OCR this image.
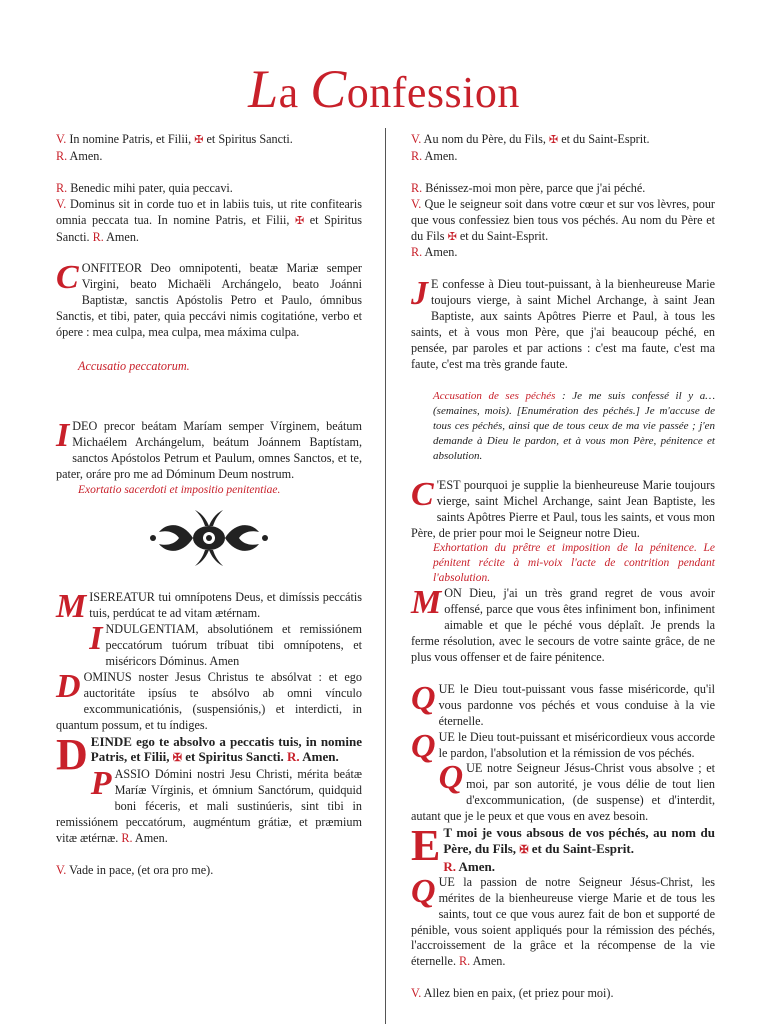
La Confession

V. In nomine Patris, et Filii, ✠ et Spiritus Sancti.

R. Amen.

R. Benedic mihi pater, quia peccavi.

V. Dominus sit in corde tuo et in labiis tuis, ut rite confitearis omnia peccata tua. In nomine Patris, et Filii, ✠ et Spiritus Sancti. R. Amen.

CONFITEOR Deo omnipotenti, beatæ Mariæ semper Virgini, beato Michaëli Archángelo, beato Joánni Baptistæ, sanctis Apóstolis Petro et Paulo, ómnibus Sanctis, et tibi, pater, quia peccávi nimis cogitatióne, verbo et ópere : mea culpa, mea culpa, mea máxima culpa.

Accusatio peccatorum.

IDEO precor beátam Maríam semper Vírginem, beátum Michaélem Archángelum, beátum Joánnem Baptístam, sanctos Apóstolos Petrum et Paulum, omnes Sanctos, et te, pater, oráre pro me ad Dóminum Deum nostrum.

Exortatio sacerdoti et impositio penitentiae.

MISEREATUR tui omnípotens Deus, et dimíssis peccátis tuis, perdúcat te ad vitam ætérnam.

INDULGENTIAM, absolutiónem et remissiónem peccatórum tuórum tríbuat tibi omnípotens, et miséricors Dóminus. Amen

DOMINUS noster Jesus Christus te absólvat : et ego auctoritáte ipsíus te absólvo ab omni vínculo excommunicatiónis, (suspensiónis,) et interdicti, in quantum possum, et tu índiges.

DEINDE ego te absolvo a peccatis tuis, in nomine Patris, et Filii, ✠ et Spiritus Sancti. R. Amen.

PASSIO Dómini nostri Jesu Christi, mérita beátæ Maríæ Vírginis, et ómnium Sanctórum, quidquid boni féceris, et mali sustinúeris, sint tibi in remissiónem peccatórum, augméntum grátiæ, et præmium vitæ ætérnæ. R. Amen.

V. Vade in pace, (et ora pro me).

V. Au nom du Père, du Fils, ✠ et du Saint-Esprit.

R. Amen.

R. Bénissez-moi mon père, parce que j'ai péché.

V. Que le seigneur soit dans votre cœur et sur vos lèvres, pour que vous confessiez bien tous vos péchés. Au nom du Père et du Fils ✠ et du Saint-Esprit.

R. Amen.

J E confesse à Dieu tout-puissant, à la bienheureuse Marie toujours vierge, à saint Michel Archange, à saint Jean Baptiste, aux saints Apôtres Pierre et Paul, à tous les saints, et à vous mon Père, que j'ai beaucoup péché, en pensée, par paroles et par actions : c'est ma faute, c'est ma faute, c'est ma très grande faute.

Accusation de ses péchés : Je me suis confessé il y a… (semaines, mois). [Enumération des péchés.] Je m'accuse de tous ces péchés, ainsi que de tous ceux de ma vie passée ; j'en demande à Dieu le pardon, et à vous mon Père, pénitence et absolution.

C 'EST pourquoi je supplie la bienheureuse Marie toujours vierge, saint Michel Archange, saint Jean Baptiste, les saints Apôtres Pierre et Paul, tous les saints, et vous mon Père, de prier pour moi le Seigneur notre Dieu.

Exhortation du prêtre et imposition de la pénitence. Le pénitent récite à mi-voix l'acte de contrition pendant l'absolution.

MON Dieu, j'ai un très grand regret de vous avoir offensé, parce que vous êtes infiniment bon, infiniment aimable et que le péché vous déplaît. Je prends la ferme résolution, avec le secours de votre sainte grâce, de ne plus vous offenser et de faire pénitence.

QUE le Dieu tout-puissant vous fasse miséricorde, qu'il vous pardonne vos péchés et vous conduise à la vie éternelle.

QUE le Dieu tout-puissant et miséricordieux vous accorde le pardon, l'absolution et la rémission de vos péchés.

QUE notre Seigneur Jésus-Christ vous absolve ; et moi, par son autorité, je vous délie de tout lien d'excommunication, (de suspense) et d'interdit, autant que je le peux et que vous en avez besoin.

E T moi je vous absous de vos péchés, au nom du Père, du Fils, ✠ et du Saint-Esprit.

R. Amen.

QUE la passion de notre Seigneur Jésus-Christ, les mérites de la bienheureuse vierge Marie et de tous les saints, tout ce que vous aurez fait de bon et supporté de pénible, vous soient appliqués pour la rémission des péchés, l'accroissement de la grâce et la récompense de la vie éternelle. R. Amen.

V. Allez bien en paix, (et priez pour moi).
